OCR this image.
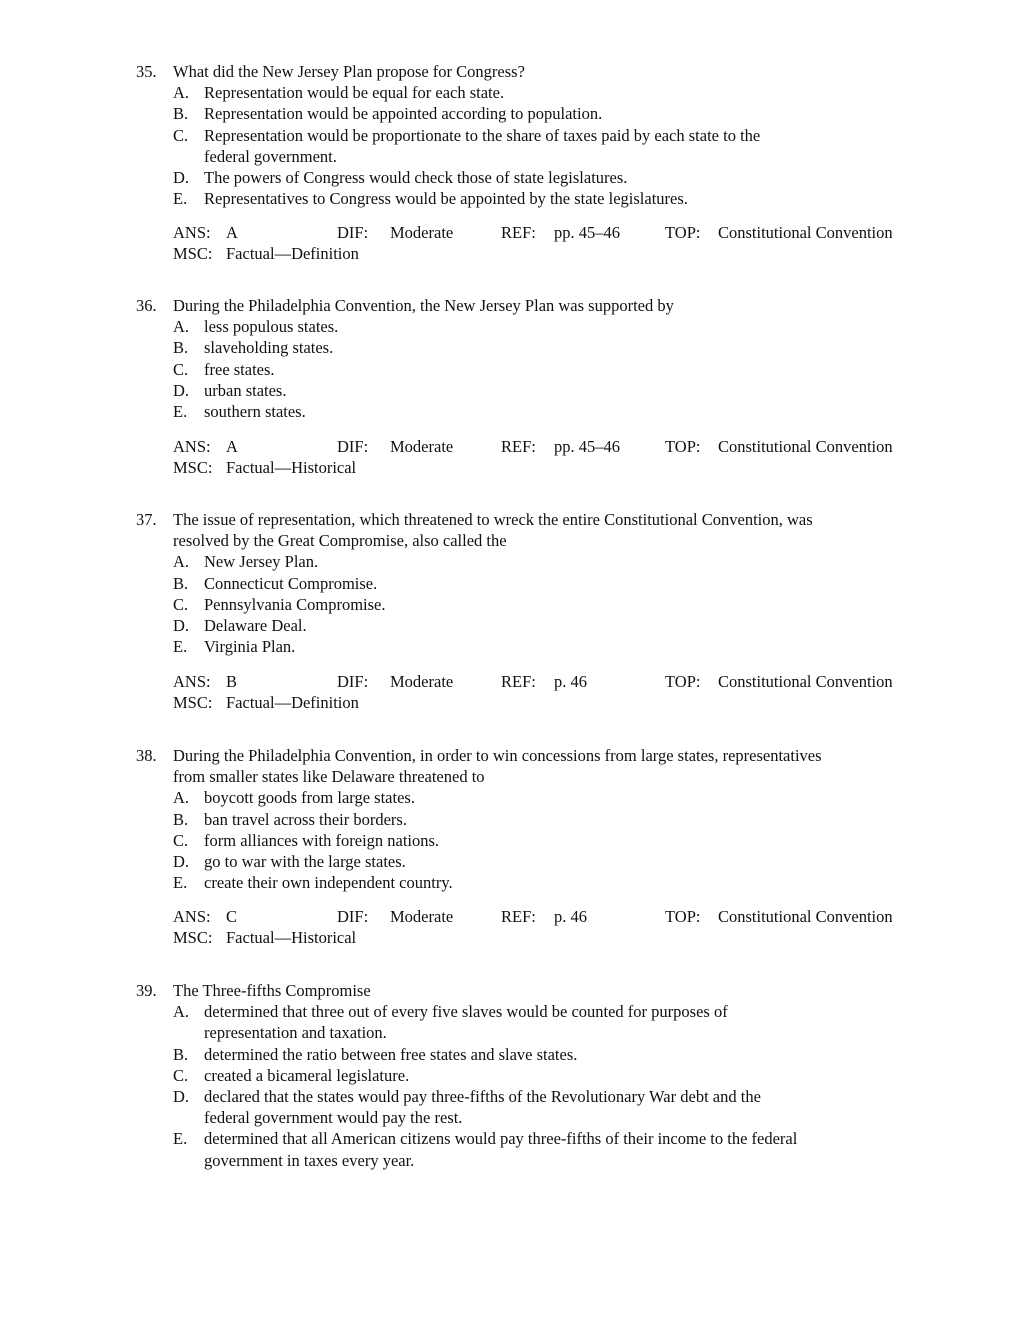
35. What did the New Jersey Plan propose for Congress?
A. Representation would be equal for each state.
B. Representation would be appointed according to population.
C. Representation would be proportionate to the share of taxes paid by each state to the
federal government.
D. The powers of Congress would check those of state legislatures.
E. Representatives to Congress would be appointed by the state legislatures.
ANS: A	DIF: Moderate	REF: pp. 45–46	TOP: Constitutional Convention
MSC: Factual—Definition
36. During the Philadelphia Convention, the New Jersey Plan was supported by
A. less populous states.
B. slaveholding states.
C. free states.
D. urban states.
E. southern states.
ANS: A	DIF: Moderate	REF: pp. 45–46	TOP: Constitutional Convention
MSC: Factual—Historical
37. The issue of representation, which threatened to wreck the entire Constitutional Convention, was
resolved by the Great Compromise, also called the
A. New Jersey Plan.
B. Connecticut Compromise.
C. Pennsylvania Compromise.
D. Delaware Deal.
E. Virginia Plan.
ANS: B	DIF: Moderate	REF: p. 46	TOP: Constitutional Convention
MSC: Factual—Definition
38. During the Philadelphia Convention, in order to win concessions from large states, representatives
from smaller states like Delaware threatened to
A. boycott goods from large states.
B. ban travel across their borders.
C. form alliances with foreign nations.
D. go to war with the large states.
E. create their own independent country.
ANS: C	DIF: Moderate	REF: p. 46	TOP: Constitutional Convention
MSC: Factual—Historical
39. The Three-fifths Compromise
A. determined that three out of every five slaves would be counted for purposes of
representation and taxation.
B. determined the ratio between free states and slave states.
C. created a bicameral legislature.
D. declared that the states would pay three-fifths of the Revolutionary War debt and the
federal government would pay the rest.
E. determined that all American citizens would pay three-fifths of their income to the federal
government in taxes every year.
